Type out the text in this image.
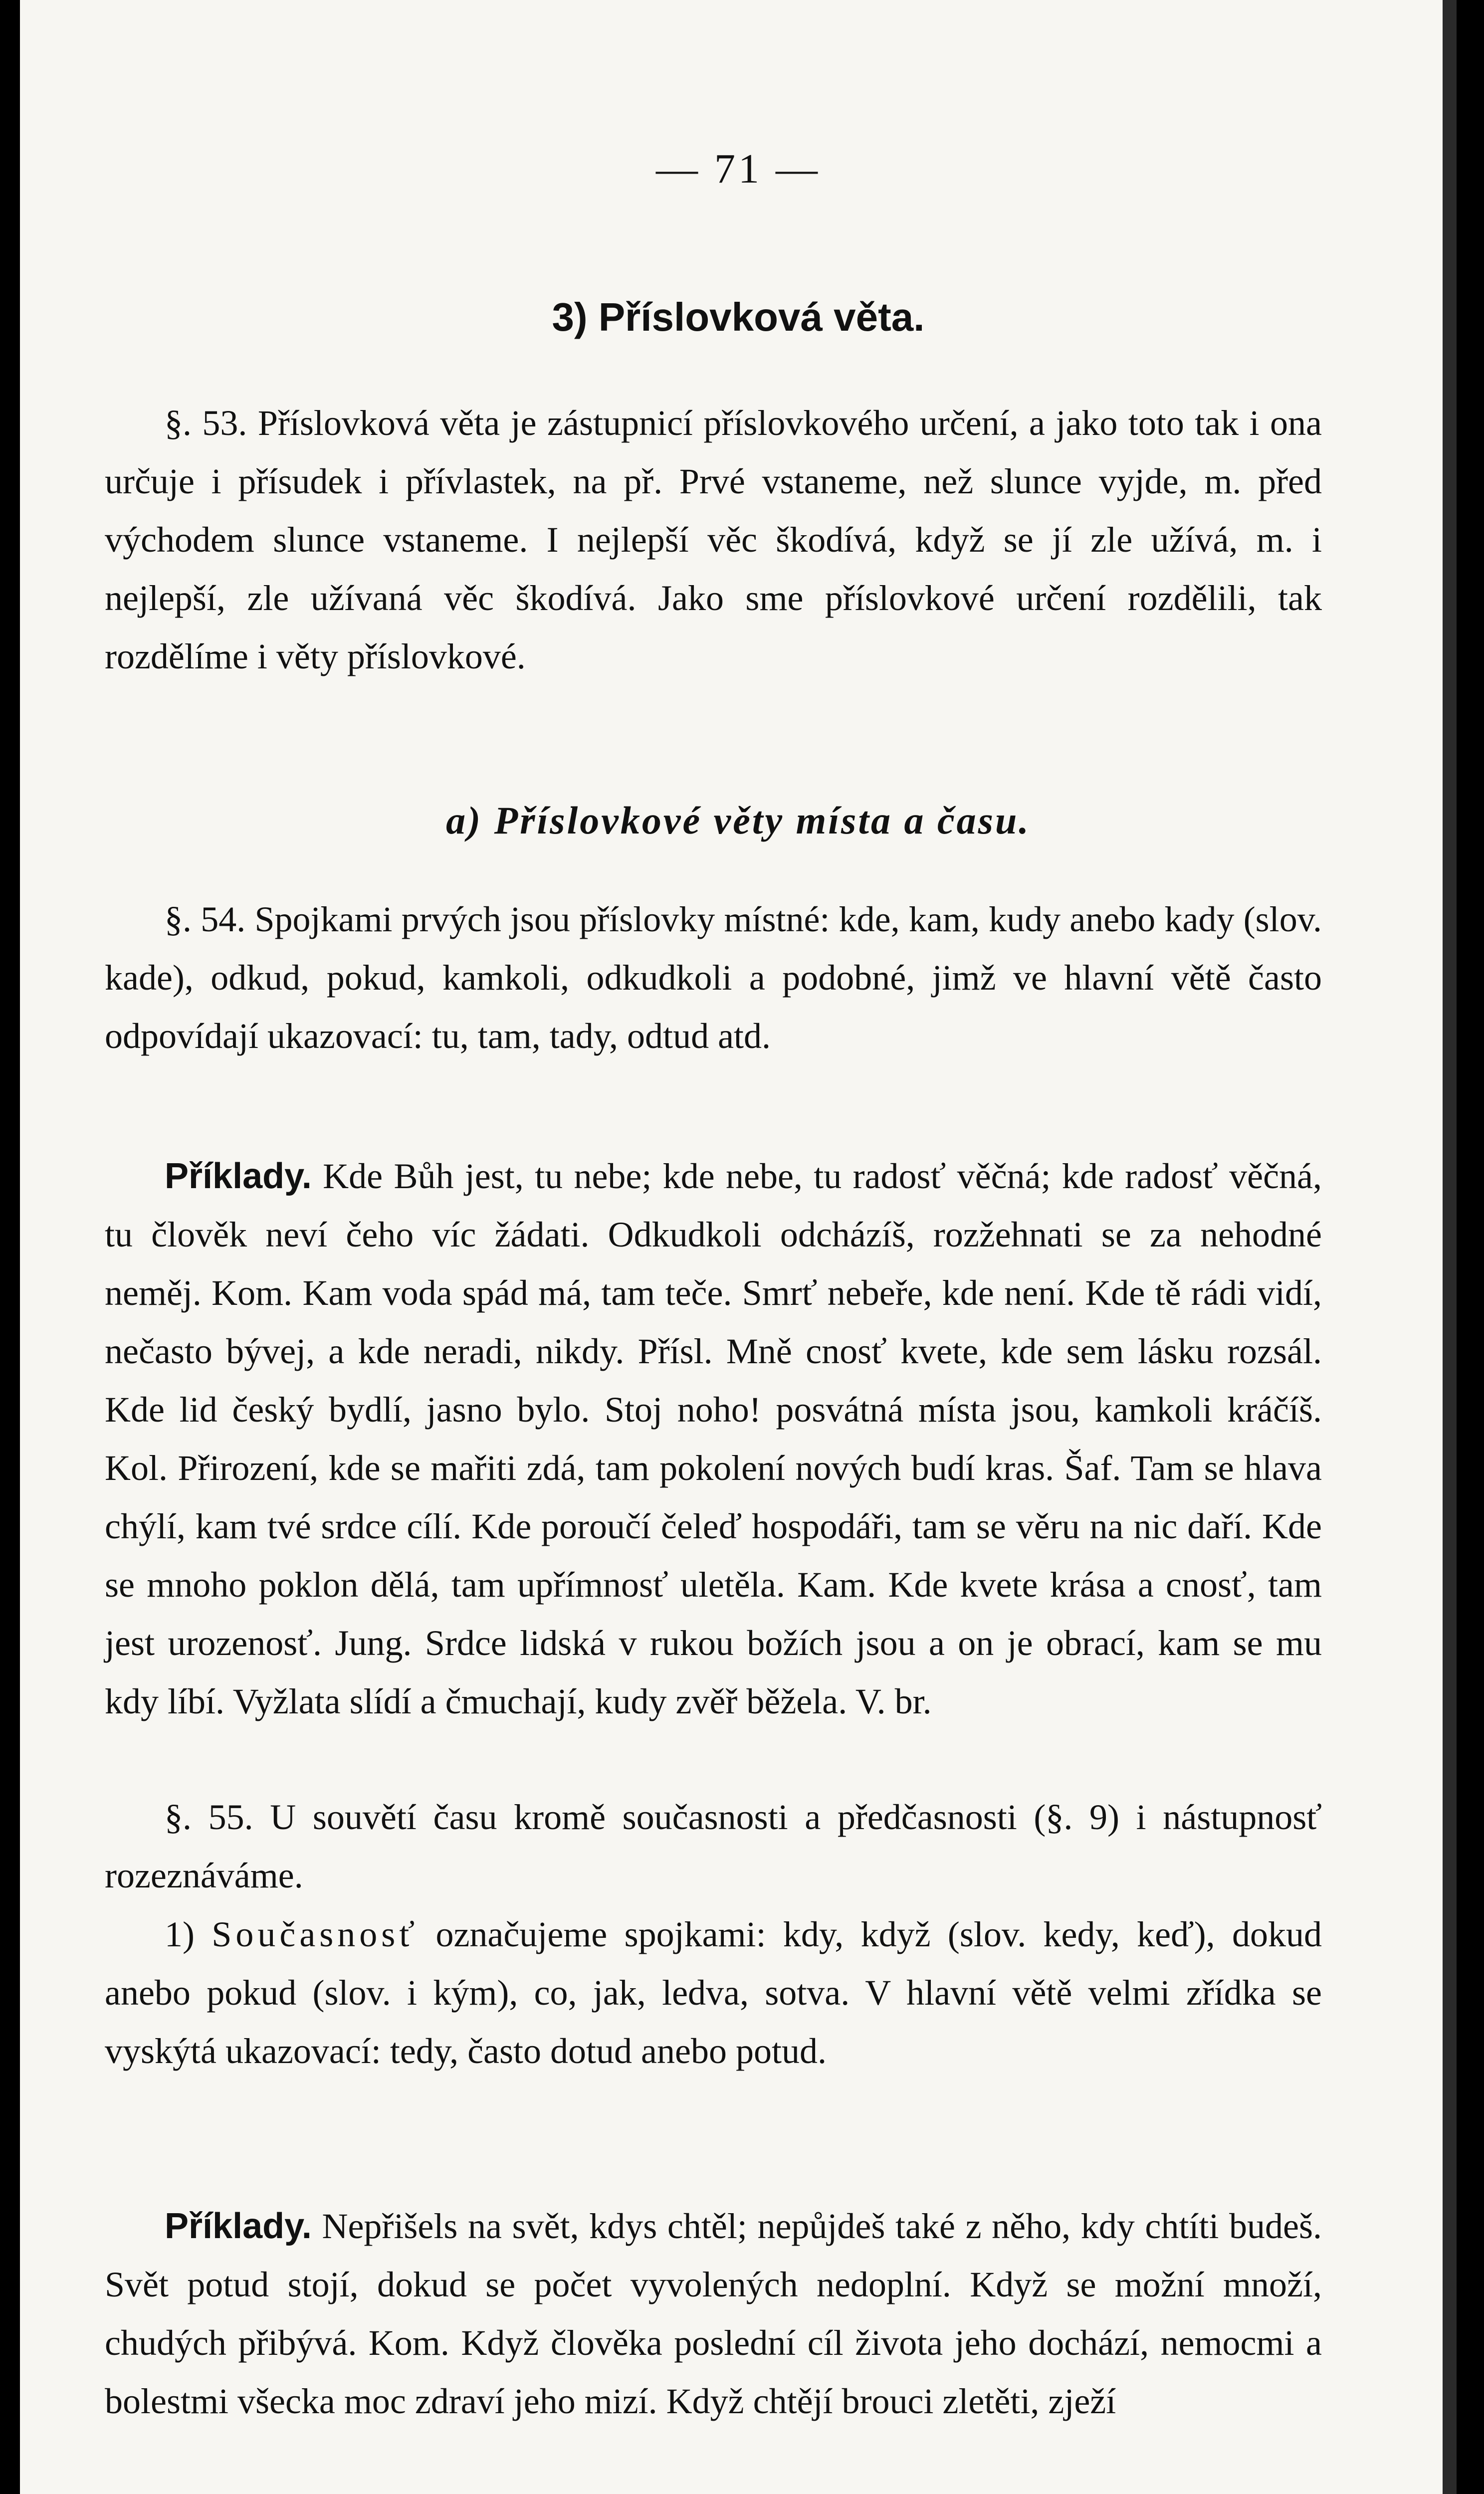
— 71 —
3) Příslovková věta.

§. 53. Příslovková věta je zástupnicí příslovkového určení, a jako toto tak i ona určuje i přísudek i přívlastek, na př. Prvé vstaneme, než slunce vyjde, m. před východem slunce vstaneme. I nejlepší věc škodívá, když se jí zle užívá, m. i nejlepší, zle užívaná věc škodívá. Jako sme příslovkové určení rozdělili, tak rozdělíme i věty příslovkové.

a) Příslovkové věty místa a času.

§. 54. Spojkami prvých jsou příslovky místné: kde, kam, kudy anebo kady (slov. kade), odkud, pokud, kamkoli, odkudkoli a podobné, jimž ve hlavní větě často odpovídají ukazovací: tu, tam, tady, odtud atd.

Příklady. Kde Bůh jest, tu nebe; kde nebe, tu radosť věčná; kde radosť věčná, tu člověk neví čeho víc žádati. Odkudkoli odcházíš, rozžehnati se za nehodné neměj. Kom. Kam voda spád má, tam teče. Smrť nebeře, kde není. Kde tě rádi vidí, nečasto bývej, a kde neradi, nikdy. Přísl. Mně cnosť kvete, kde sem lásku rozsál. Kde lid český bydlí, jasno bylo. Stoj noho! posvátná místa jsou, kamkoli kráčíš. Kol. Přirození, kde se mařiti zdá, tam pokolení nových budí kras. Šaf. Tam se hlava chýlí, kam tvé srdce cílí. Kde poroučí čeleď hospodáři, tam se věru na nic daří. Kde se mnoho poklon dělá, tam upřímnosť uletěla. Kam. Kde kvete krása a cnosť, tam jest urozenosť. Jung. Srdce lidská v rukou božích jsou a on je obrací, kam se mu kdy líbí. Vyžlata slídí a čmuchají, kudy zvěř běžela. V. br.

§. 55. U souvětí času kromě současnosti a předčasnosti (§. 9) i nástupnosť rozeznáváme.

1) Současnosť označujeme spojkami: kdy, když (slov. kedy, keď), dokud anebo pokud (slov. i kým), co, jak, ledva, sotva. V hlavní větě velmi zřídka se vyskýtá ukazovací: tedy, často dotud anebo potud.

Příklady. Nepřišels na svět, kdys chtěl; nepůjdeš také z něho, kdy chtíti budeš. Svět potud stojí, dokud se počet vyvolených nedoplní. Když se možní množí, chudých přibývá. Kom. Když člověka poslední cíl života jeho dochází, nemocmi a bolestmi všecka moc zdraví jeho mizí. Když chtějí brouci zletěti, zježí
